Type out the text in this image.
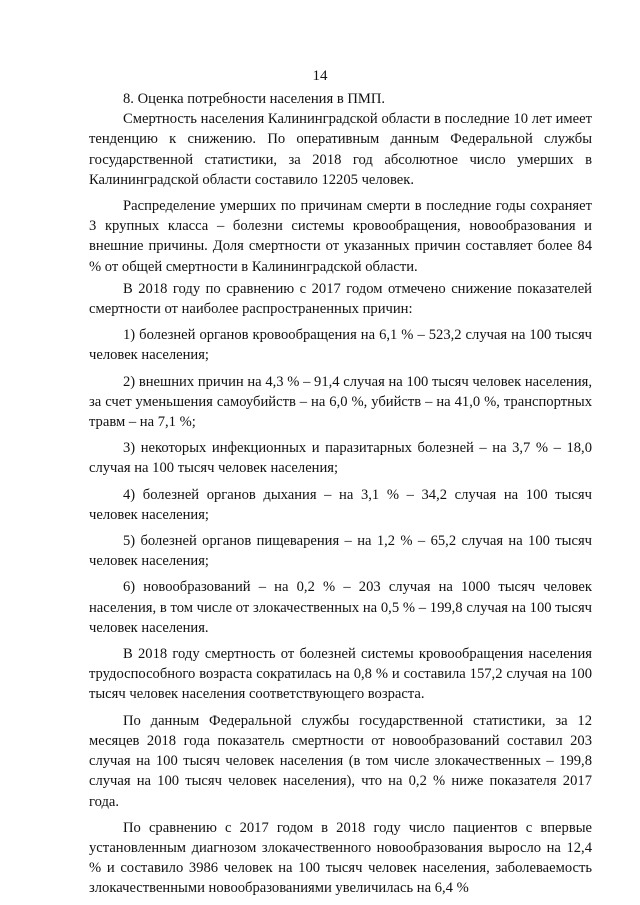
14

8. Оценка потребности населения в ПМП.

Смертность населения Калининградской области в последние 10 лет имеет тенденцию к снижению. По оперативным данным Федеральной службы государственной статистики, за 2018 год абсолютное число умерших в Калининградской области составило 12205 человек.

Распределение умерших по причинам смерти в последние годы сохраняет 3 крупных класса – болезни системы кровообращения, новообразования и внешние причины. Доля смертности от указанных причин составляет более 84 % от общей смертности в Калининградской области.

В 2018 году по сравнению с 2017 годом отмечено снижение показателей смертности от наиболее распространенных причин:

1) болезней органов кровообращения на 6,1 % – 523,2 случая на 100 тысяч человек населения;

2) внешних причин на 4,3 % – 91,4 случая на 100 тысяч человек населения, за счет уменьшения самоубийств – на 6,0 %, убийств – на 41,0 %, транспортных травм – на 7,1 %;

3) некоторых инфекционных и паразитарных болезней – на 3,7 % – 18,0 случая на 100 тысяч человек населения;

4) болезней органов дыхания – на 3,1 % – 34,2 случая на 100 тысяч человек населения;

5) болезней органов пищеварения – на 1,2 % – 65,2 случая на 100 тысяч человек населения;

6) новообразований – на 0,2 % – 203 случая на 1000 тысяч человек населения, в том числе от злокачественных на 0,5 % – 199,8 случая на 100 тысяч человек населения.

В 2018 году смертность от болезней системы кровообращения населения трудоспособного возраста сократилась на 0,8 % и составила 157,2 случая на 100 тысяч человек населения соответствующего возраста.

По данным Федеральной службы государственной статистики, за 12 месяцев 2018 года показатель смертности от новообразований составил 203 случая на 100 тысяч человек населения (в том числе злокачественных – 199,8 случая на 100 тысяч человек населения), что на 0,2 % ниже показателя 2017 года.

По сравнению с 2017 годом в 2018 году число пациентов с впервые установленным диагнозом злокачественного новообразования выросло на 12,4 % и составило 3986 человек на 100 тысяч человек населения, заболеваемость злокачественными новообразованиями увеличилась на 6,4 %
